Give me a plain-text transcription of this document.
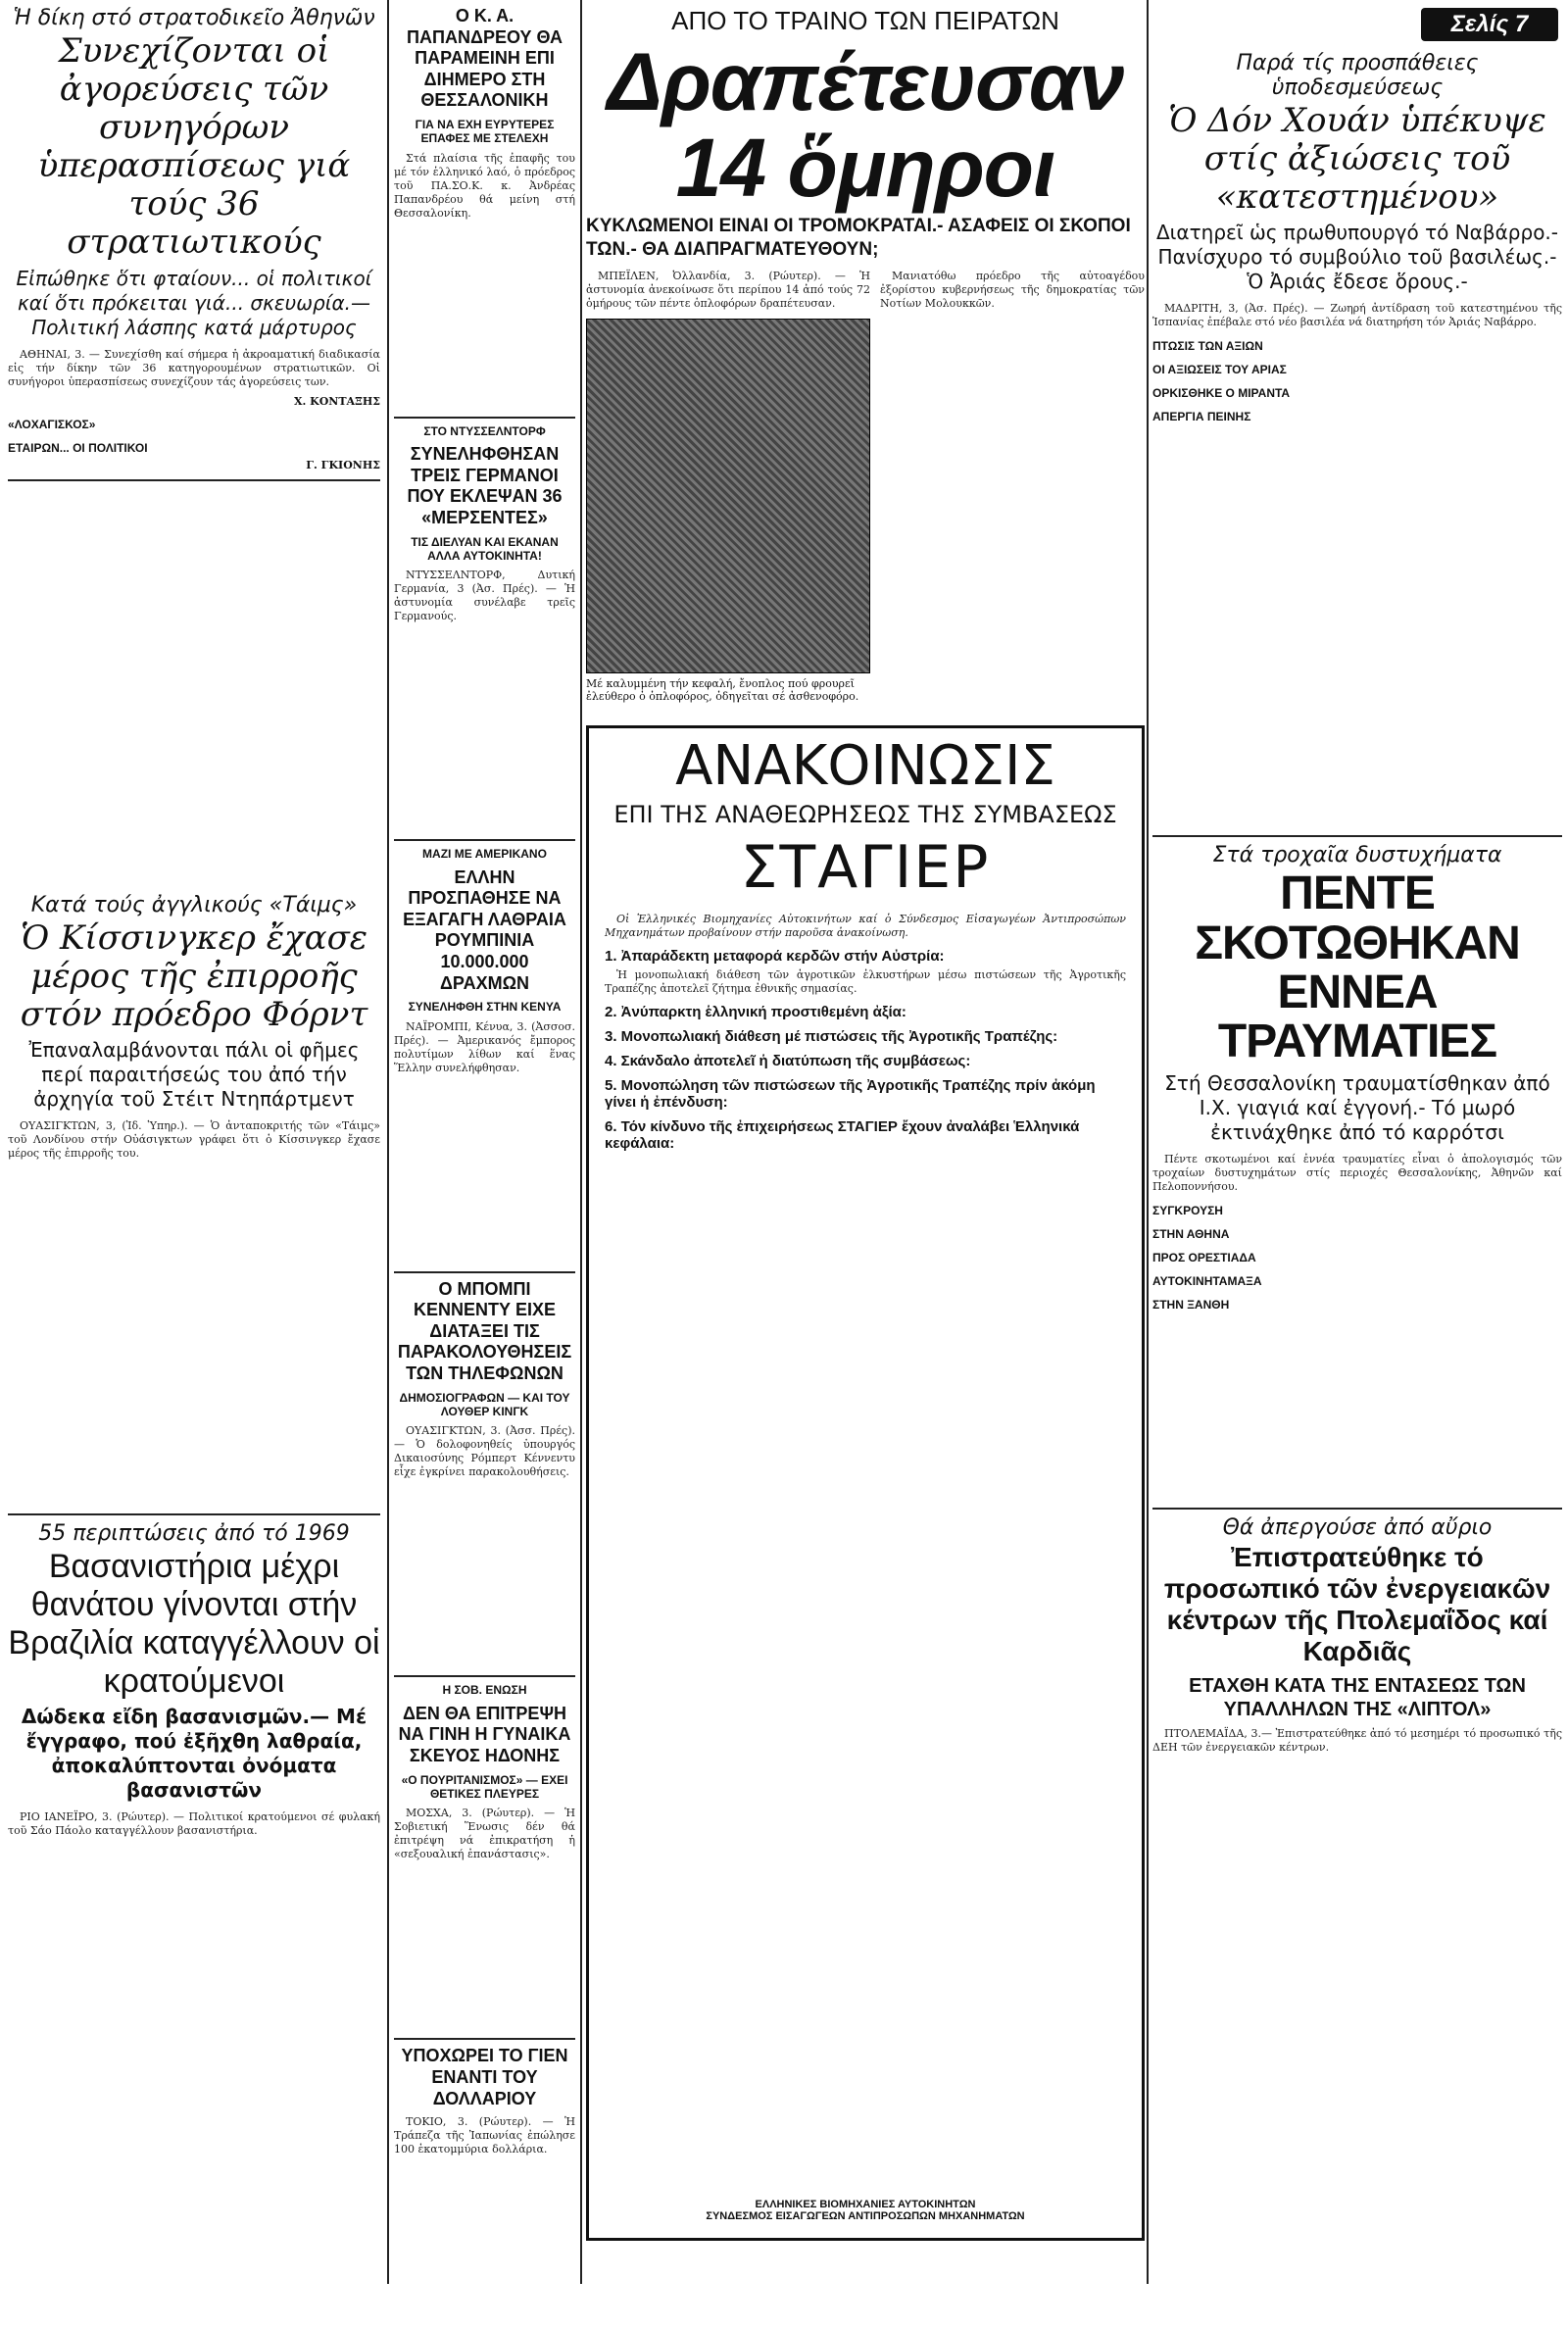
Σελίς 7
Ἡ δίκη στό στρατοδικεῖο Ἀθηνῶν
Συνεχίζονται οἱ ἀγορεύσεις τῶν συνηγόρων ὑπερασπίσεως γιά τούς 36 στρατιωτικούς
Εἰπώθηκε ὅτι φταίουν... οἱ πολιτικοί καί ὅτι πρόκειται γιά... σκευωρία.— Πολιτική λάσπης κατά μάρτυρος

ΑΘΗΝΑΙ, 3. — Συνεχίσθη καί σήμερα ἡ ἀκροαματική διαδικασία εἰς τήν δίκην τῶν 36 κατηγορουμένων στρατιωτικῶν. Οἱ συνήγοροι ὑπερασπίσεως συνεχίζουν τάς ἀγορεύσεις των.

Χ. ΚΟΝΤΑΞΗΣ
«ΛΟΧΑΓΙΣΚΟΣ»
ΕΤΑΙΡΩΝ... ΟΙ ΠΟΛΙΤΙΚΟΙ
Γ. ΓΚΙΟΝΗΣ
Κατά τούς ἀγγλικούς «Τάιμς»
Ὁ Κίσσινγκερ ἔχασε μέρος τῆς ἐπιρροῆς στόν πρόεδρο Φόρντ
Ἐπαναλαμβάνονται πάλι οἱ φῆμες περί παραιτήσεώς του ἀπό τήν ἀρχηγία τοῦ Στέιτ Ντηπάρτμεντ

ΟΥΑΣΙΓΚΤΩΝ, 3, (Ἰδ. Ὑπηρ.). — Ὁ ἀνταποκριτής τῶν «Τάιμς» τοῦ Λονδίνου στήν Οὐάσιγκτων γράφει ὅτι ὁ Κίσσινγκερ ἔχασε μέρος τῆς ἐπιρροῆς του.

55 περιπτώσεις ἀπό τό 1969
Βασανιστήρια μέχρι θανάτου γίνονται στήν Βραζιλία καταγγέλλουν οἱ κρατούμενοι
Δώδεκα εἴδη βασανισμῶν.— Μέ ἔγγραφο, πού ἐξῆχθη λαθραία, ἀποκαλύπτονται ὀνόματα βασανιστῶν

ΡΙΟ ΙΑΝΕΪΡΟ, 3. (Ρώυτερ). — Πολιτικοί κρατούμενοι σέ φυλακή τοῦ Σάο Πάολο καταγγέλλουν βασανιστήρια.

Ο Κ. Α. ΠΑΠΑΝΔΡΕΟΥ ΘΑ ΠΑΡΑΜΕΙΝΗ ΕΠΙ ΔΙΗΜΕΡΟ ΣΤΗ ΘΕΣΣΑΛΟΝΙΚΗ
ΓΙΑ ΝΑ ΕΧΗ ΕΥΡΥΤΕΡΕΣ ΕΠΑΦΕΣ ΜΕ ΣΤΕΛΕΧΗ

Στά πλαίσια τῆς ἐπαφῆς του μέ τόν ἑλληνικό λαό, ὁ πρόεδρος τοῦ ΠΑ.ΣΟ.Κ. κ. Ἀνδρέας Παπανδρέου θά μείνη στή Θεσσαλονίκη.

ΣΤΟ ΝΤΥΣΣΕΛΝΤΟΡΦ
ΣΥΝΕΛΗΦΘΗΣΑΝ ΤΡΕΙΣ ΓΕΡΜΑΝΟΙ ΠΟΥ ΕΚΛΕΨΑΝ 36 «ΜΕΡΣΕΝΤΕΣ»
ΤΙΣ ΔΙΕΛΥΑΝ ΚΑΙ ΕΚΑΝΑΝ ΑΛΛΑ ΑΥΤΟΚΙΝΗΤΑ!

ΝΤΥΣΣΕΛΝΤΟΡΦ, Δυτική Γερμανία, 3 (Ἀσ. Πρές). — Ἡ ἀστυνομία συνέλαβε τρεῖς Γερμανούς.

ΜΑΖΙ ΜΕ ΑΜΕΡΙΚΑΝΟ
ΕΛΛΗΝ ΠΡΟΣΠΑΘΗΣΕ ΝΑ ΕΞΑΓΑΓΗ ΛΑΘΡΑΙΑ ΡΟΥΜΠΙΝΙΑ 10.000.000 ΔΡΑΧΜΩΝ
ΣΥΝΕΛΗΦΘΗ ΣΤΗΝ ΚΕΝΥΑ

ΝΑΪΡΟΜΠΙ, Κένυα, 3. (Ἀσσοσ. Πρές). — Ἀμερικανός ἔμπορος πολυτίμων λίθων καί ἕνας Ἕλλην συνελήφθησαν.

Ο ΜΠΟΜΠΙ ΚΕΝΝΕΝΤΥ ΕΙΧΕ ΔΙΑΤΑΞΕΙ ΤΙΣ ΠΑΡΑΚΟΛΟΥΘΗΣΕΙΣ ΤΩΝ ΤΗΛΕΦΩΝΩΝ
ΔΗΜΟΣΙΟΓΡΑΦΩΝ — ΚΑΙ ΤΟΥ ΛΟΥΘΕΡ ΚΙΝΓΚ

ΟΥΑΣΙΓΚΤΩΝ, 3. (Ἀσσ. Πρές). — Ὁ δολοφονηθείς ὑπουργός Δικαιοσύνης Ρόμπερτ Κέννεντυ εἶχε ἐγκρίνει παρακολουθήσεις.

Η ΣΟΒ. ΕΝΩΣΗ
ΔΕΝ ΘΑ ΕΠΙΤΡΕΨΗ ΝΑ ΓΙΝΗ Η ΓΥΝΑΙΚΑ ΣΚΕΥΟΣ ΗΔΟΝΗΣ
«Ο ΠΟΥΡΙΤΑΝΙΣΜΟΣ» — ΕΧΕΙ ΘΕΤΙΚΕΣ ΠΛΕΥΡΕΣ

ΜΟΣΧΑ, 3. (Ρώυτερ). — Ἡ Σοβιετική Ἕνωσις δέν θά ἐπιτρέψη νά ἐπικρατήση ἡ «σεξουαλική ἐπανάστασις».

ΥΠΟΧΩΡΕΙ ΤΟ ΓΙΕΝ ΕΝΑΝΤΙ ΤΟΥ ΔΟΛΛΑΡΙΟΥ

ΤΟΚΙΟ, 3. (Ρώυτερ). — Ἡ Τράπεζα τῆς Ἰαπωνίας ἐπώλησε 100 ἑκατομμύρια δολλάρια.

ΑΠΟ ΤΟ ΤΡΑΙΝΟ ΤΩΝ ΠΕΙΡΑΤΩΝ
Δραπέτευσαν 14 ὅμηροι
ΚΥΚΛΩΜΕΝΟΙ ΕΙΝΑΙ ΟΙ ΤΡΟΜΟΚΡΑΤΑΙ.- ΑΣΑΦΕΙΣ ΟΙ ΣΚΟΠΟΙ ΤΩΝ.- ΘΑ ΔΙΑΠΡΑΓΜΑΤΕΥΘΟΥΝ;

ΜΠΕΪΛΕΝ, Ὀλλανδία, 3. (Ρώυτερ). — Ἡ ἀστυνομία ἀνεκοίνωσε ὅτι περίπου 14 ἀπό τούς 72 ὁμήρους τῶν πέντε ὁπλοφόρων δραπέτευσαν.

Μέ καλυμμένη τήν κεφαλή, ἔνοπλος πού φρουρεῖ ἐλεύθερο ὁ ὁπλοφόρος, ὁδηγεῖται σέ ἀσθενοφόρο.

Μανιατόθω πρόεδρο τῆς αὐτοαγέδου ἐξορίστου κυβερνήσεως τῆς δημοκρατίας τῶν Νοτίων Μολουκκῶν.

ΑΝΑΚΟΙΝΩΣΙΣ
ΕΠΙ ΤΗΣ ΑΝΑΘΕΩΡΗΣΕΩΣ ΤΗΣ ΣΥΜΒΑΣΕΩΣ
ΣΤΑΓΙΕΡ

Οἱ Ἑλληνικές Βιομηχανίες Αὐτοκινήτων καί ὁ Σύνδεσμος Εἰσαγωγέων Ἀντιπροσώπων Μηχανημάτων προβαίνουν στήν παροῦσα ἀνακοίνωση.

1. Ἀπαράδεκτη μεταφορά κερδῶν στήν Αὐστρία:

Ἡ μονοπωλιακή διάθεση τῶν ἀγροτικῶν ἐλκυστήρων μέσω πιστώσεων τῆς Ἀγροτικῆς Τραπέζης ἀποτελεῖ ζήτημα ἐθνικῆς σημασίας.

2. Ἀνύπαρκτη ἑλληνική προστιθεμένη ἀξία:
3. Μονοπωλιακή διάθεση μέ πιστώσεις τῆς Ἀγροτικῆς Τραπέζης:
4. Σκάνδαλο ἀποτελεῖ ἡ διατύπωση τῆς συμβάσεως:
5. Μονοπώληση τῶν πιστώσεων τῆς Ἀγροτικῆς Τραπέζης πρίν ἀκόμη γίνει ἡ ἐπένδυση:
6. Τόν κίνδυνο τῆς ἐπιχειρήσεως ΣΤΑΓΙΕΡ ἔχουν ἀναλάβει Ἑλληνικά κεφάλαια:
ΕΛΛΗΝΙΚΕΣ ΒΙΟΜΗΧΑΝΙΕΣ ΑΥΤΟΚΙΝΗΤΩΝ
ΣΥΝΔΕΣΜΟΣ ΕΙΣΑΓΩΓΕΩΝ ΑΝΤΙΠΡΟΣΩΠΩΝ ΜΗΧΑΝΗΜΑΤΩΝ
Παρά τίς προσπάθειες ὑποδεσμεύσεως
Ὁ Δόν Χουάν ὑπέκυψε στίς ἀξιώσεις τοῦ «κατεστημένου»
Διατηρεῖ ὡς πρωθυπουργό τό Ναβάρρο.- Πανίσχυρο τό συμβούλιο τοῦ βασιλέως.- Ὁ Ἀριάς ἔδεσε ὅρους.-

ΜΑΔΡΙΤΗ, 3, (Ἀσ. Πρές). — Ζωηρή ἀντίδραση τοῦ κατεστημένου τῆς Ἱσπανίας ἐπέβαλε στό νέο βασιλέα νά διατηρήση τόν Ἀριάς Ναβάρρο.

ΠΤΩΣΙΣ ΤΩΝ ΑΞΙΩΝ
ΟΙ ΑΞΙΩΣΕΙΣ ΤΟΥ ΑΡΙΑΣ
ΟΡΚΙΣΘΗΚΕ Ο ΜΙΡΑΝΤΑ
ΑΠΕΡΓΙΑ ΠΕΙΝΗΣ
Στά τροχαῖα δυστυχήματα
ΠΕΝΤΕ ΣΚΟΤΩΘΗΚΑΝ ΕΝΝΕΑ ΤΡΑΥΜΑΤΙΕΣ
Στή Θεσσαλονίκη τραυματίσθηκαν ἀπό Ι.Χ. γιαγιά καί ἐγγονή.- Τό μωρό ἐκτινάχθηκε ἀπό τό καρρότσι

Πέντε σκοτωμένοι καί ἐννέα τραυματίες εἶναι ὁ ἀπολογισμός τῶν τροχαίων δυστυχημάτων στίς περιοχές Θεσσαλονίκης, Ἀθηνῶν καί Πελοποννήσου.

ΣΥΓΚΡΟΥΣΗ
ΣΤΗΝ ΑΘΗΝΑ
ΠΡΟΣ ΟΡΕΣΤΙΑΔΑ
ΑΥΤΟΚΙΝΗΤΑΜΑΞΑ
ΣΤΗΝ ΞΑΝΘΗ
Θά ἀπεργούσε ἀπό αὔριο
Ἐπιστρατεύθηκε τό προσωπικό τῶν ἐνεργειακῶν κέντρων τῆς Πτολεμαΐδος καί Καρδιᾶς
ΕΤΑΧΘΗ ΚΑΤΑ ΤΗΣ ΕΝΤΑΣΕΩΣ ΤΩΝ ΥΠΑΛΛΗΛΩΝ ΤΗΣ «ΛΙΠΤΟΛ»

ΠΤΟΛΕΜΑΪΔΑ, 3.— Ἐπιστρατεύθηκε ἀπό τό μεσημέρι τό προσωπικό τῆς ΔΕΗ τῶν ἐνεργειακῶν κέντρων.
